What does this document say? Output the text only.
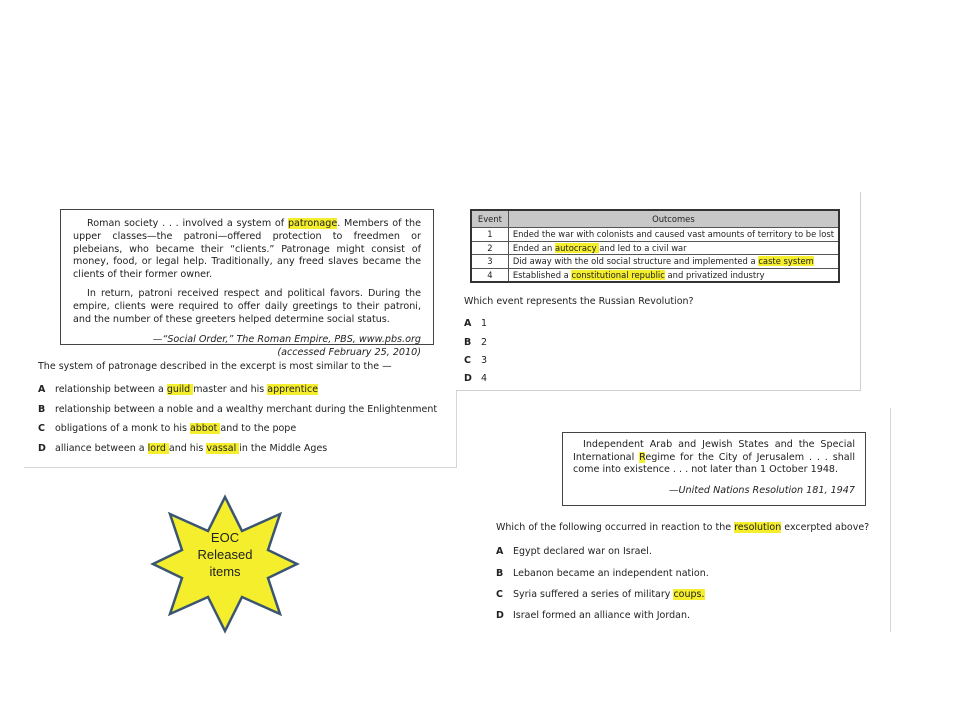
Roman society . . . involved a system of patronage. Members of the upper classes—the patroni—offered protection to freedmen or plebeians, who became their “clients.” Patronage might consist of money, food, or legal help. Traditionally, any freed slaves became the clients of their former owner.

In return, patroni received respect and political favors. During the empire, clients were required to offer daily greetings to their patroni, and the number of these greeters helped determine social status.

—“Social Order,” The Roman Empire, PBS, www.pbs.org
(accessed February 25, 2010)
The system of patronage described in the excerpt is most similar to the —
A relationship between a guild master and his apprentice
B relationship between a noble and a wealthy merchant during the Enlightenment
C obligations of a monk to his abbot and to the pope
D alliance between a lord and his vassal in the Middle Ages
Event	Outcomes
1	Ended the war with colonists and caused vast amounts of territory to be lost
2	Ended an autocracy and led to a civil war
3	Did away with the old social structure and implemented a caste system
4	Established a constitutional republic and privatized industry
Which event represents the Russian Revolution?
A 1
B 2
C 3
D 4

Independent Arab and Jewish States and the Special International Regime for the City of Jerusalem . . . shall come into existence . . . not later than 1 October 1948.

—United Nations Resolution 181, 1947
Which of the following occurred in reaction to the resolution excerpted above?
A Egypt declared war on Israel.
B Lebanon became an independent nation.
C Syria suffered a series of military coups.
D Israel formed an alliance with Jordan.
EOC
Released
items
